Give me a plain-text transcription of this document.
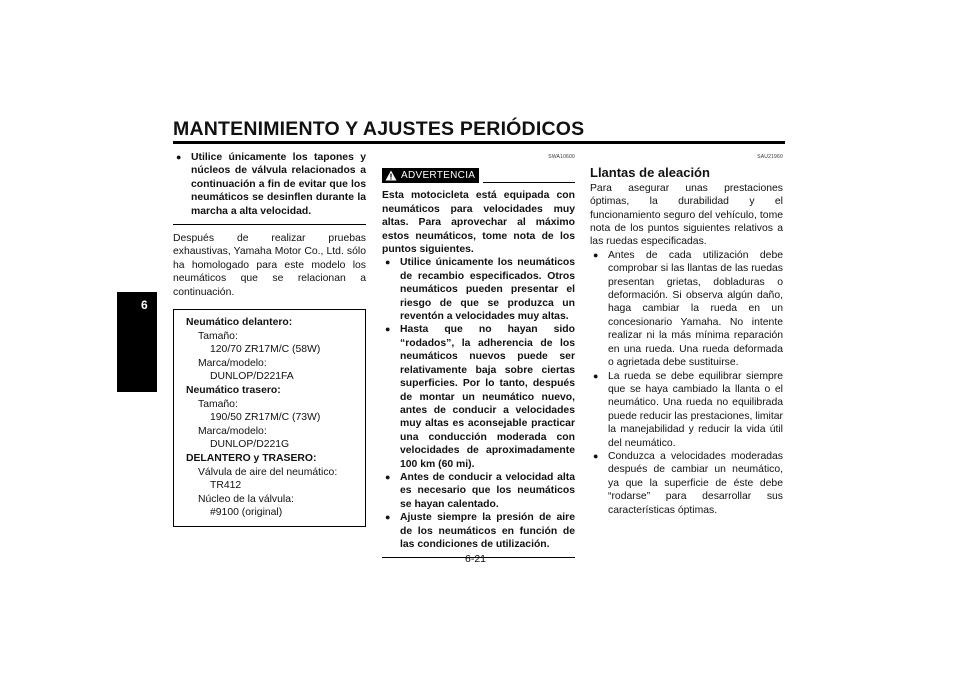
MANTENIMIENTO Y AJUSTES PERIÓDICOS
6
● Utilice únicamente los tapones y núcleos de válvula relacionados a continuación a fin de evitar que los neumáticos se desinflen durante la marcha a alta velocidad.
Después de realizar pruebas exhaustivas, Yamaha Motor Co., Ltd. sólo ha homologado para este modelo los neumáticos que se relacionan a continuación.
Neumático delantero:
Tamaño:
120/70 ZR17M/C (58W)
Marca/modelo:
DUNLOP/D221FA
Neumático trasero:
Tamaño:
190/50 ZR17M/C (73W)
Marca/modelo:
DUNLOP/D221G
DELANTERO y TRASERO:
Válvula de aire del neumático:
TR412
Núcleo de la válvula:
#9100 (original)
SWA10600
ADVERTENCIA
Esta motocicleta está equipada con neumáticos para velocidades muy altas. Para aprovechar al máximo estos neumáticos, tome nota de los puntos siguientes.
● Utilice únicamente los neumáticos de recambio especificados. Otros neumáticos pueden presentar el riesgo de que se produzca un reventón a velocidades muy altas.
● Hasta que no hayan sido “rodados”, la adherencia de los neumáticos nuevos puede ser relativamente baja sobre ciertas superficies. Por lo tanto, después de montar un neumático nuevo, antes de conducir a velocidades muy altas es aconsejable practicar una conducción moderada con velocidades de aproximadamente 100 km (60 mi).
● Antes de conducir a velocidad alta es necesario que los neumáticos se hayan calentado.
● Ajuste siempre la presión de aire de los neumáticos en función de las condiciones de utilización.
SAU21960
Llantas de aleación
Para asegurar unas prestaciones óptimas, la durabilidad y el funcionamiento seguro del vehículo, tome nota de los puntos siguientes relativos a las ruedas especificadas.
● Antes de cada utilización debe comprobar si las llantas de las ruedas presentan grietas, dobladuras o deformación. Si observa algún daño, haga cambiar la rueda en un concesionario Yamaha. No intente realizar ni la más mínima reparación en una rueda. Una rueda deformada o agrietada debe sustituirse.
● La rueda se debe equilibrar siempre que se haya cambiado la llanta o el neumático. Una rueda no equilibrada puede reducir las prestaciones, limitar la manejabilidad y reducir la vida útil del neumático.
● Conduzca a velocidades moderadas después de cambiar un neumático, ya que la superficie de éste debe “rodarse” para desarrollar sus características óptimas.
6-21
